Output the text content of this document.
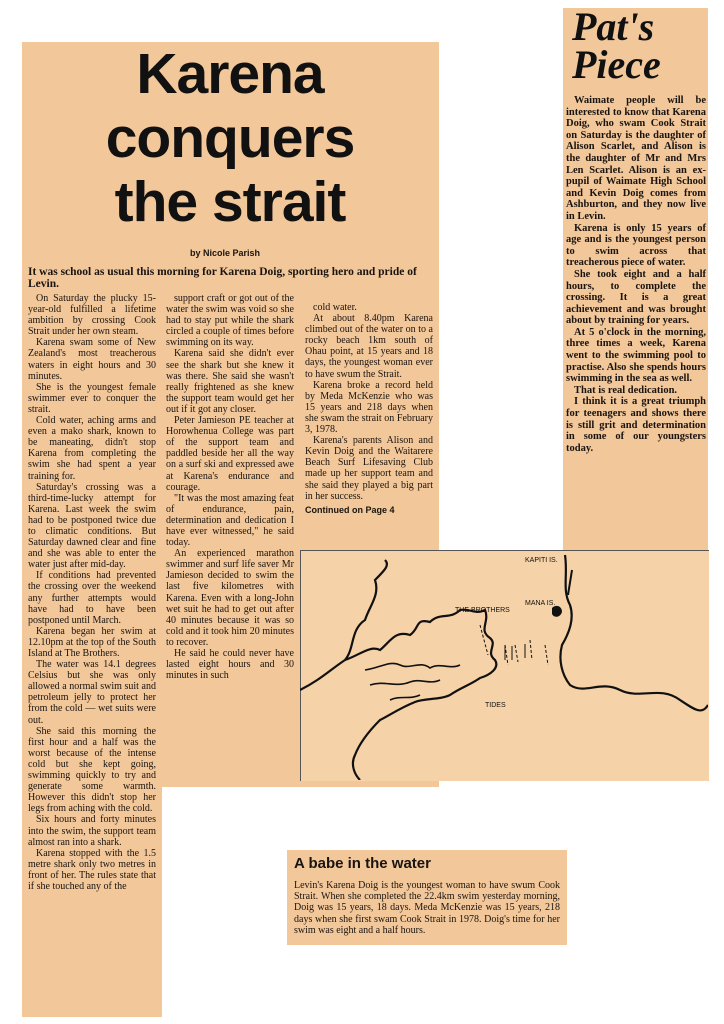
Karena
conquers
the strait
by Nicole Parish
It was school as usual this morning for Karena Doig, sporting hero and pride of Levin.

On Saturday the plucky 15-year-old fulfilled a lifetime ambition by crossing Cook Strait under her own steam.

Karena swam some of New Zealand's most treacherous waters in eight hours and 30 minutes.

She is the youngest female swimmer ever to conquer the strait.

Cold water, aching arms and even a mako shark, known to be maneating, didn't stop Karena from completing the swim she had spent a year training for.

Saturday's crossing was a third-time-lucky attempt for Karena. Last week the swim had to be postponed twice due to climatic conditions. But Saturday dawned clear and fine and she was able to enter the water just after mid-day.

If conditions had prevented the crossing over the weekend any further attempts would have had to have been postponed until March.

Karena began her swim at 12.10pm at the top of the South Island at The Brothers.

The water was 14.1 degrees Celsius but she was only allowed a normal swim suit and petroleum jelly to protect her from the cold — wet suits were out.

She said this morning the first hour and a half was the worst because of the intense cold but she kept going, swimming quickly to try and generate some warmth. However this didn't stop her legs from aching with the cold.

Six hours and forty minutes into the swim, the support team almost ran into a shark.

Karena stopped with the 1.5 metre shark only two metres in front of her. The rules state that if she touched any of the

support craft or got out of the water the swim was void so she had to stay put while the shark circled a couple of times before swimming on its way.

Karena said she didn't ever see the shark but she knew it was there. She said she wasn't really frightened as she knew the support team would get her out if it got any closer.

Peter Jamieson PE teacher at Horowhenua College was part of the support team and paddled beside her all the way on a surf ski and expressed awe at Karena's endurance and courage.

"It was the most amazing feat of endurance, pain, determination and dedication I have ever witnessed," he said today.

An experienced marathon swimmer and surf life saver Mr Jamieson decided to swim the last five kilometres with Karena. Even with a long-John wet suit he had to get out after 40 minutes because it was so cold and it took him 20 minutes to recover.

He said he could never have lasted eight hours and 30 minutes in such

cold water.

At about 8.40pm Karena climbed out of the water on to a rocky beach 1km south of Ohau point, at 15 years and 18 days, the youngest woman ever to have swum the Strait.

Karena broke a record held by Meda McKenzie who was 15 years and 218 days when she swam the strait on February 3, 1978.

Karena's parents Alison and Kevin Doig and the Waitarere Beach Surf Lifesaving Club made up her support team and she said they played a big part in her success.

Continued on Page 4
Pat's
Piece

Waimate people will be interested to know that Karena Doig, who swam Cook Strait on Saturday is the daughter of Alison Scarlet, and Alison is the daughter of Mr and Mrs Len Scarlet. Alison is an ex-pupil of Waimate High School and Kevin Doig comes from Ashburton, and they now live in Levin.

Karena is only 15 years of age and is the youngest person to swim across that treacherous piece of water.

She took eight and a half hours, to complete the crossing. It is a great achievement and was brought about by training for years.

At 5 o'clock in the morning, three times a week, Karena went to the swimming pool to practise. Also she spends hours swimming in the sea as well.

That is real dedication.

I think it is a great triumph for teenagers and shows there is still grit and determination in some of our youngsters today.

KAPITI IS.
MANA IS.
THE BROTHERS
TIDES
A babe in the water
Levin's Karena Doig is the youngest woman to have swum Cook Strait. When she completed the 22.4km swim yesterday morning, Doig was 15 years, 18 days. Meda McKenzie was 15 years, 218 days when she first swam Cook Strait in 1978. Doig's time for her swim was eight and a half hours.
